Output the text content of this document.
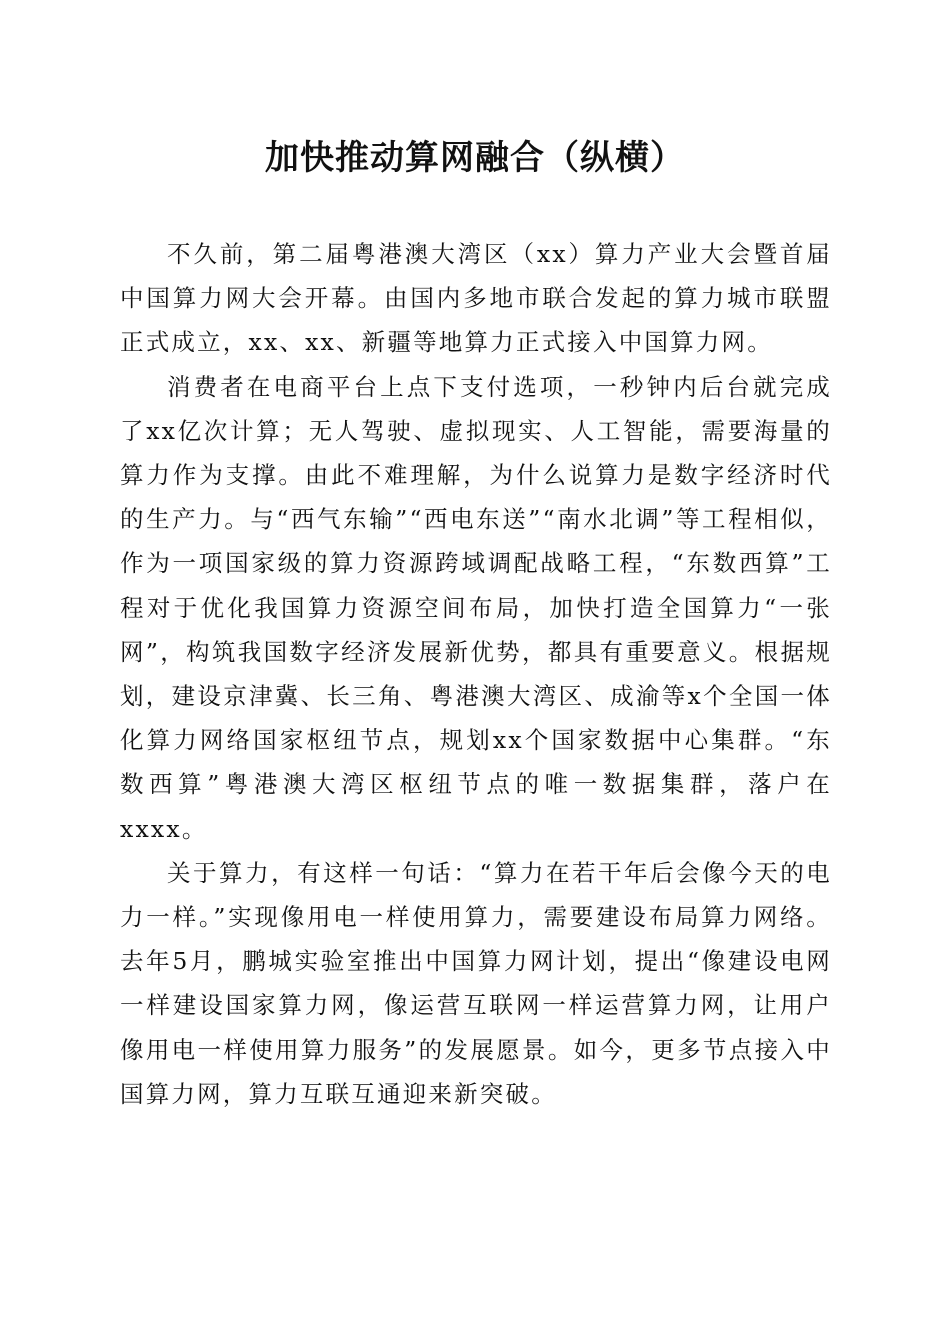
加快推动算网融合（纵横）

不久前，第二届粤港澳大湾区（xx）算力产业大会暨首届中国算力网大会开幕。由国内多地市联合发起的算力城市联盟正式成立，xx、xx、新疆等地算力正式接入中国算力网。

消费者在电商平台上点下支付选项，一秒钟内后台就完成了xx亿次计算；无人驾驶、虚拟现实、人工智能，需要海量的算力作为支撑。由此不难理解，为什么说算力是数字经济时代的生产力。与“西气东输”“西电东送”“南水北调”等工程相似，作为一项国家级的算力资源跨域调配战略工程，“东数西算”工程对于优化我国算力资源空间布局，加快打造全国算力“一张网”，构筑我国数字经济发展新优势，都具有重要意义。根据规划，建设京津冀、长三角、粤港澳大湾区、成渝等x个全国一体化算力网络国家枢纽节点，规划xx个国家数据中心集群。“东数西算”粤港澳大湾区枢纽节点的唯一数据集群，落户在xxxx。

关于算力，有这样一句话：“算力在若干年后会像今天的电力一样。”实现像用电一样使用算力，需要建设布局算力网络。去年5月，鹏城实验室推出中国算力网计划，提出“像建设电网一样建设国家算力网，像运营互联网一样运营算力网，让用户像用电一样使用算力服务”的发展愿景。如今，更多节点接入中国算力网，算力互联互通迎来新突破。
